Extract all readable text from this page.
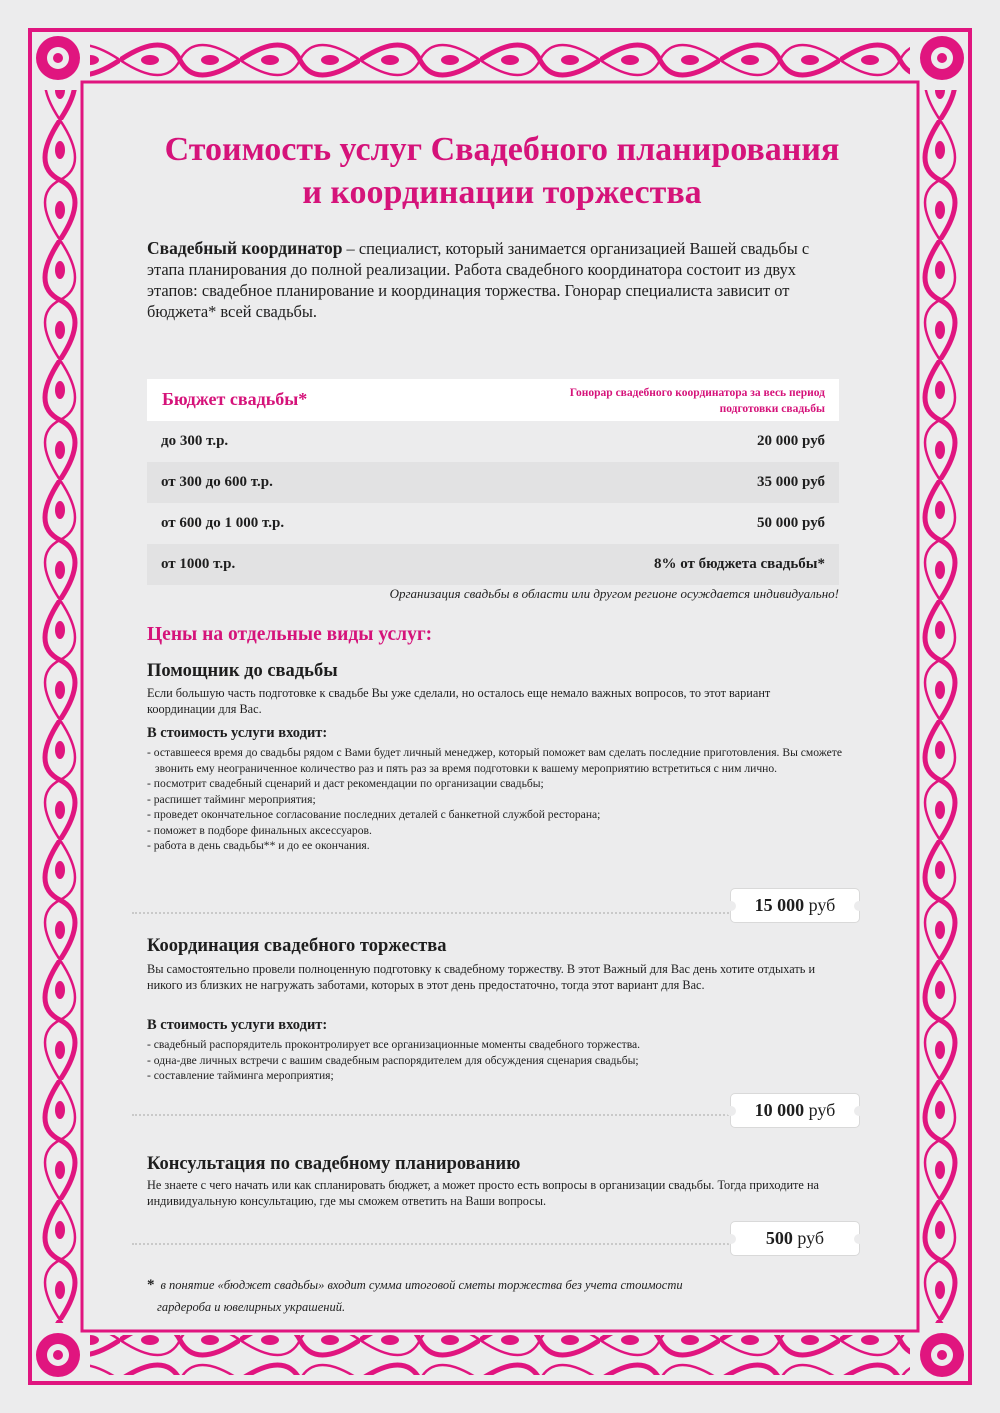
Стоимость услуг Свадебного планирования
и координации торжества
Свадебный координатор – специалист, который занимается организацией Вашей свадьбы с этапа планирования до полной реализации. Работа свадебного координатора состоит из двух этапов: свадебное планирование и координация торжества. Гонорар специалиста зависит от бюджета* всей свадьбы.
Бюджет свадьбы*	Гонорар свадебного координатора за весь период
подготовки свадьбы
до 300 т.р.	20 000 руб
от 300 до 600 т.р.	35 000 руб
от 600 до 1 000 т.р.	50 000 руб
от 1000 т.р.	8% от бюджета свадьбы*
Организация свадьбы в области или другом регионе осуждается индивидуально!
Цены на отдельные виды услуг:
Помощник до свадьбы
Если большую часть подготовке к свадьбе Вы уже сделали, но осталось еще немало важных вопросов, то этот вариант координации для Вас.
В стоимость услуги входит:
- оставшееся время до свадьбы рядом с Вами будет личный менеджер, который поможет вам сделать последние приготовления. Вы сможете звонить ему неограниченное количество раз и пять раз за время подготовки к вашему мероприятию встретиться с ним лично.
- посмотрит свадебный сценарий и даст рекомендации по организации свадьбы;
- распишет тайминг мероприятия;
- проведет окончательное согласование последних деталей с банкетной службой ресторана;
- поможет в подборе финальных аксессуаров.
- работа в день свадьбы** и до ее окончания.
15 000 руб
Координация свадебного торжества
Вы самостоятельно провели полноценную подготовку к свадебному торжеству. В этот Важный для Вас день хотите отдыхать и никого из близких не нагружать заботами, которых в этот день предостаточно, тогда этот вариант для Вас.
В стоимость услуги входит:
- свадебный распорядитель проконтролирует все организационные моменты свадебного торжества.
- одна-две личных встречи с вашим свадебным распорядителем для обсуждения сценария свадьбы;
- составление тайминга мероприятия;
10 000 руб
Консультация по свадебному планированию
Не знаете с чего начать или как спланировать бюджет, а может просто есть вопросы в организации свадьбы. Тогда приходите на индивидуальную консультацию, где мы сможем ответить на Ваши вопросы.
500 руб
* в понятие «бюджет свадьбы» входит сумма итоговой сметы торжества без учета стоимости
гардероба и ювелирных украшений.
